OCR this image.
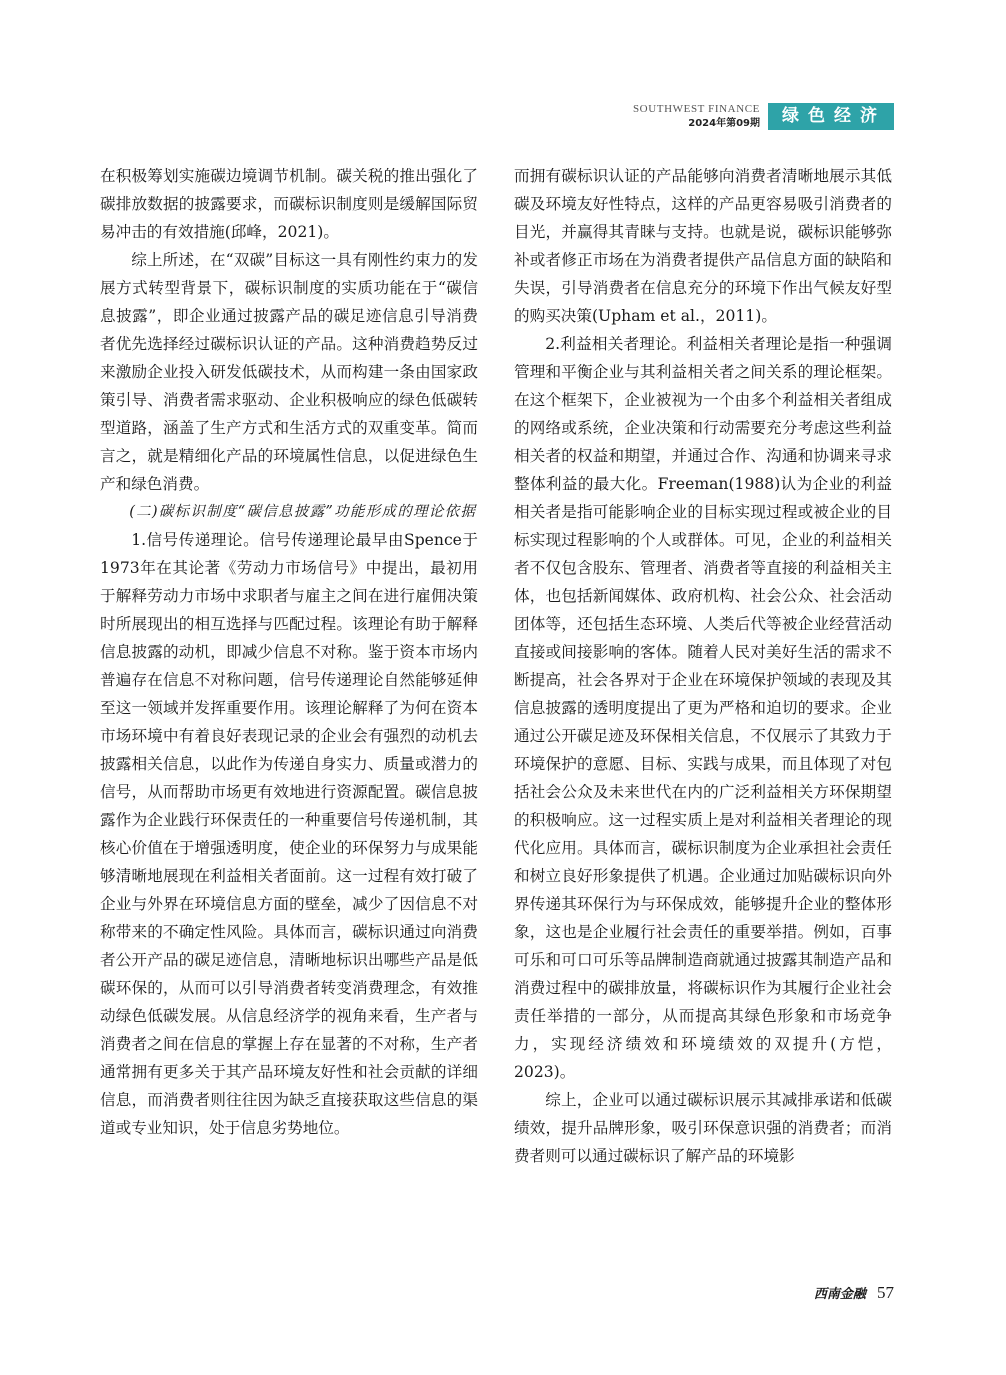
SOUTHWEST FINANCE
2024年第09期	绿色经济

在积极筹划实施碳边境调节机制。碳关税的推出强化了碳排放数据的披露要求，而碳标识制度则是缓解国际贸易冲击的有效措施(邱峰，2021)。

综上所述，在“双碳”目标这一具有刚性约束力的发展方式转型背景下，碳标识制度的实质功能在于“碳信息披露”，即企业通过披露产品的碳足迹信息引导消费者优先选择经过碳标识认证的产品。这种消费趋势反过来激励企业投入研发低碳技术，从而构建一条由国家政策引导、消费者需求驱动、企业积极响应的绿色低碳转型道路，涵盖了生产方式和生活方式的双重变革。简而言之，就是精细化产品的环境属性信息，以促进绿色生产和绿色消费。

(二)碳标识制度“碳信息披露”功能形成的理论依据

1.信号传递理论。信号传递理论最早由Spence于1973年在其论著《劳动力市场信号》中提出，最初用于解释劳动力市场中求职者与雇主之间在进行雇佣决策时所展现出的相互选择与匹配过程。该理论有助于解释信息披露的动机，即减少信息不对称。鉴于资本市场内普遍存在信息不对称问题，信号传递理论自然能够延伸至这一领域并发挥重要作用。该理论解释了为何在资本市场环境中有着良好表现记录的企业会有强烈的动机去披露相关信息，以此作为传递自身实力、质量或潜力的信号，从而帮助市场更有效地进行资源配置。碳信息披露作为企业践行环保责任的一种重要信号传递机制，其核心价值在于增强透明度，使企业的环保努力与成果能够清晰地展现在利益相关者面前。这一过程有效打破了企业与外界在环境信息方面的壁垒，减少了因信息不对称带来的不确定性风险。具体而言，碳标识通过向消费者公开产品的碳足迹信息，清晰地标识出哪些产品是低碳环保的，从而可以引导消费者转变消费理念，有效推动绿色低碳发展。从信息经济学的视角来看，生产者与消费者之间在信息的掌握上存在显著的不对称，生产者通常拥有更多关于其产品环境友好性和社会贡献的详细信息，而消费者则往往因为缺乏直接获取这些信息的渠道或专业知识，处于信息劣势地位。

而拥有碳标识认证的产品能够向消费者清晰地展示其低碳及环境友好性特点，这样的产品更容易吸引消费者的目光，并赢得其青睐与支持。也就是说，碳标识能够弥补或者修正市场在为消费者提供产品信息方面的缺陷和失误，引导消费者在信息充分的环境下作出气候友好型的购买决策(Upham et al.，2011)。

2.利益相关者理论。利益相关者理论是指一种强调管理和平衡企业与其利益相关者之间关系的理论框架。在这个框架下，企业被视为一个由多个利益相关者组成的网络或系统，企业决策和行动需要充分考虑这些利益相关者的权益和期望，并通过合作、沟通和协调来寻求整体利益的最大化。Freeman(1988)认为企业的利益相关者是指可能影响企业的目标实现过程或被企业的目标实现过程影响的个人或群体。可见，企业的利益相关者不仅包含股东、管理者、消费者等直接的利益相关主体，也包括新闻媒体、政府机构、社会公众、社会活动团体等，还包括生态环境、人类后代等被企业经营活动直接或间接影响的客体。随着人民对美好生活的需求不断提高，社会各界对于企业在环境保护领域的表现及其信息披露的透明度提出了更为严格和迫切的要求。企业通过公开碳足迹及环保相关信息，不仅展示了其致力于环境保护的意愿、目标、实践与成果，而且体现了对包括社会公众及未来世代在内的广泛利益相关方环保期望的积极响应。这一过程实质上是对利益相关者理论的现代化应用。具体而言，碳标识制度为企业承担社会责任和树立良好形象提供了机遇。企业通过加贴碳标识向外界传递其环保行为与环保成效，能够提升企业的整体形象，这也是企业履行社会责任的重要举措。例如，百事可乐和可口可乐等品牌制造商就通过披露其制造产品和消费过程中的碳排放量，将碳标识作为其履行企业社会责任举措的一部分，从而提高其绿色形象和市场竞争力，实现经济绩效和环境绩效的双提升(方恺，2023)。

综上，企业可以通过碳标识展示其减排承诺和低碳绩效，提升品牌形象，吸引环保意识强的消费者；而消费者则可以通过碳标识了解产品的环境影

西南金融 57
